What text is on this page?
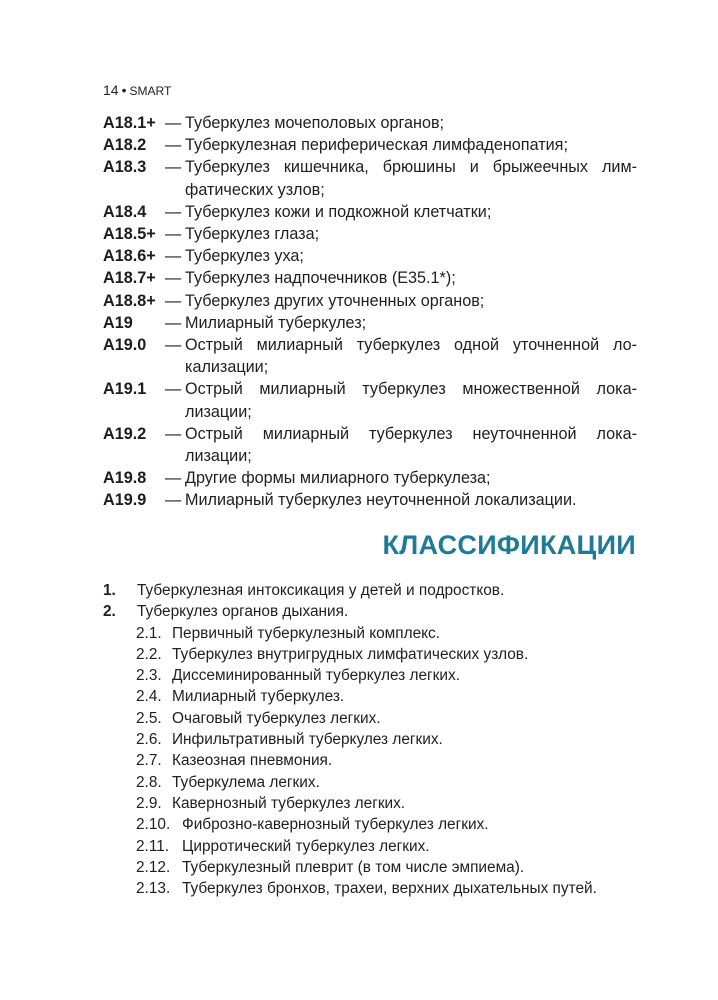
14 • SMART
A18.1+ — Туберкулез мочеполовых органов;
A18.2	— Туберкулезная периферическая лимфаденопатия;
A18.3	— Туберкулез кишечника, брюшины и брыжеечных лим-
фатических узлов;
A18.4	— Туберкулез кожи и подкожной клетчатки;
A18.5+ — Туберкулез глаза;
A18.6+ — Туберкулез уха;
A18.7+ — Туберкулез надпочечников (E35.1*);
A18.8+ — Туберкулез других уточненных органов;
A19	— Милиарный туберкулез;
A19.0	— Острый милиарный туберкулез одной уточненной ло-
кализации;
A19.1	— Острый милиарный туберкулез множественной лока-
лизации;
A19.2	— Острый милиарный туберкулез неуточненной лока-
лизации;
A19.8	— Другие формы милиарного туберкулеза;
A19.9	— Милиарный туберкулез неуточненной локализации.
КЛАССИФИКАЦИИ
1.	Туберкулезная интоксикация у детей и подростков.
2.	Туберкулез органов дыхания.
2.1. Первичный туберкулезный комплекс.
2.2. Туберкулез внутригрудных лимфатических узлов.
2.3. Диссеминированный туберкулез легких.
2.4. Милиарный туберкулез.
2.5. Очаговый туберкулез легких.
2.6. Инфильтративный туберкулез легких.
2.7. Казеозная пневмония.
2.8. Туберкулема легких.
2.9. Кавернозный туберкулез легких.
2.10. Фиброзно-кавернозный туберкулез легких.
2.11. Цирротический туберкулез легких.
2.12. Туберкулезный плеврит (в том числе эмпиема).
2.13. Туберкулез бронхов, трахеи, верхних дыхательных путей.
